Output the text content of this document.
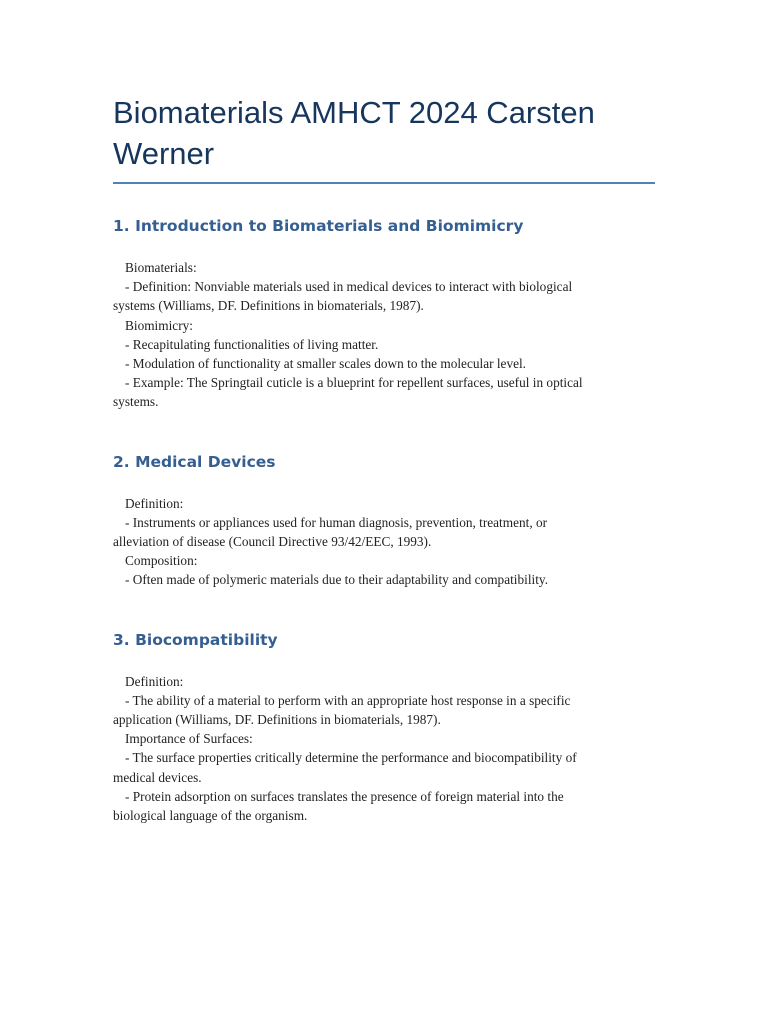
Biomaterials AMHCT 2024 Carsten Werner
1. Introduction to Biomaterials and Biomimicry
Biomaterials:
- Definition: Nonviable materials used in medical devices to interact with biological
systems (Williams, DF. Definitions in biomaterials, 1987).
Biomimicry:
- Recapitulating functionalities of living matter.
- Modulation of functionality at smaller scales down to the molecular level.
- Example: The Springtail cuticle is a blueprint for repellent surfaces, useful in optical
systems.
2. Medical Devices
Definition:
- Instruments or appliances used for human diagnosis, prevention, treatment, or
alleviation of disease (Council Directive 93/42/EEC, 1993).
Composition:
- Often made of polymeric materials due to their adaptability and compatibility.
3. Biocompatibility
Definition:
- The ability of a material to perform with an appropriate host response in a specific
application (Williams, DF. Definitions in biomaterials, 1987).
Importance of Surfaces:
- The surface properties critically determine the performance and biocompatibility of
medical devices.
- Protein adsorption on surfaces translates the presence of foreign material into the
biological language of the organism.
